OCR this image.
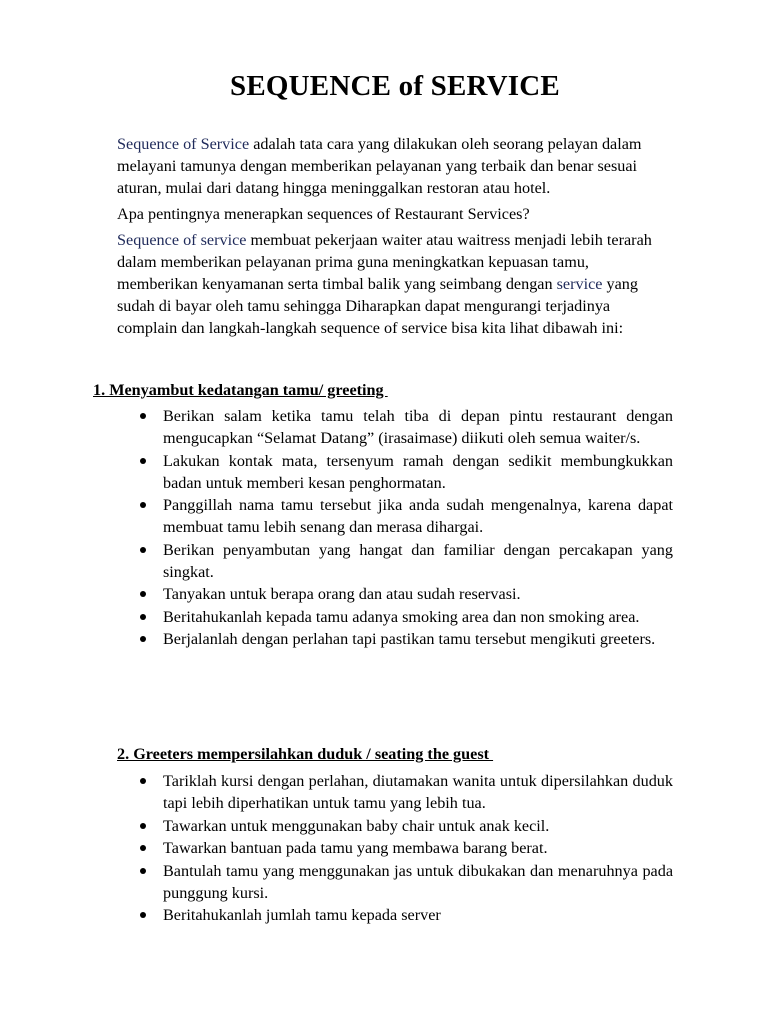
SEQUENCE of SERVICE

Sequence of Service adalah tata cara yang dilakukan oleh seorang pelayan dalam melayani tamunya dengan memberikan pelayanan yang terbaik dan benar sesuai aturan, mulai dari datang hingga meninggalkan restoran atau hotel.

Apa pentingnya menerapkan sequences of Restaurant Services?

Sequence of service membuat pekerjaan waiter atau waitress menjadi lebih terarah dalam memberikan pelayanan prima guna meningkatkan kepuasan tamu, memberikan kenyamanan serta timbal balik yang seimbang dengan service yang sudah di bayar oleh tamu sehingga Diharapkan dapat mengurangi terjadinya complain dan langkah-langkah sequence of service bisa kita lihat dibawah ini:

1. Menyambut kedatangan tamu/ greeting
Berikan salam ketika tamu telah tiba di depan pintu restaurant dengan mengucapkan “Selamat Datang” (irasaimase) diikuti oleh semua waiter/s.
Lakukan kontak mata, tersenyum ramah dengan sedikit membungkukkan badan untuk memberi kesan penghormatan.
Panggillah nama tamu tersebut jika anda sudah mengenalnya, karena dapat membuat tamu lebih senang dan merasa dihargai.
Berikan penyambutan yang hangat dan familiar dengan percakapan yang singkat.
Tanyakan untuk berapa orang dan atau sudah reservasi.
Beritahukanlah kepada tamu adanya smoking area dan non smoking area.
Berjalanlah dengan perlahan tapi pastikan tamu tersebut mengikuti greeters.
2. Greeters mempersilahkan duduk / seating the guest
Tariklah kursi dengan perlahan, diutamakan wanita untuk dipersilahkan duduk tapi lebih diperhatikan untuk tamu yang lebih tua.
Tawarkan untuk menggunakan baby chair untuk anak kecil.
Tawarkan bantuan pada tamu yang membawa barang berat.
Bantulah tamu yang menggunakan jas untuk dibukakan dan menaruhnya pada punggung kursi.
Beritahukanlah jumlah tamu kepada server
